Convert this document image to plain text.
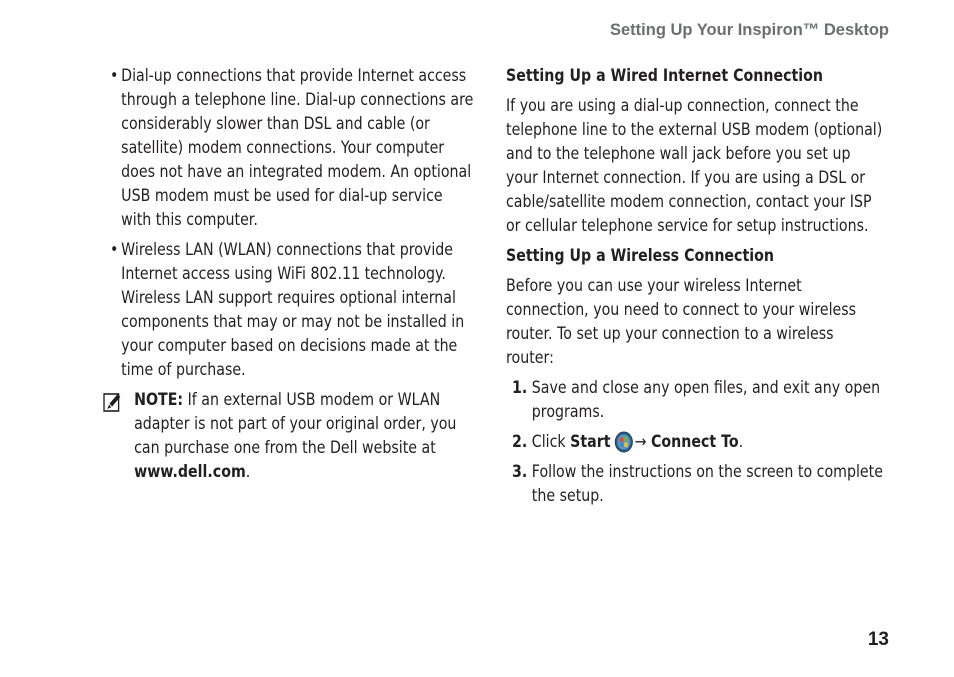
Setting Up Your Inspiron™ Desktop
• Dial-up connections that provide Internet access through a telephone line. Dial-up connections are considerably slower than DSL and cable (or satellite) modem connections. Your computer does not have an integrated modem. An optional USB modem must be used for dial-up service with this computer.
• Wireless LAN (WLAN) connections that provide Internet access using WiFi 802.11 technology. Wireless LAN support requires optional internal components that may or may not be installed in your computer based on decisions made at the time of purchase.
NOTE: If an external USB modem or WLAN adapter is not part of your original order, you can purchase one from the Dell website at www.dell.com.
Setting Up a Wired Internet Connection
If you are using a dial-up connection, connect the telephone line to the external USB modem (optional) and to the telephone wall jack before you set up your Internet connection. If you are using a DSL or cable/satellite modem connection, contact your ISP or cellular telephone service for setup instructions.
Setting Up a Wireless Connection
Before you can use your wireless Internet connection, you need to connect to your wireless router. To set up your connection to a wireless router:
1. Save and close any open files, and exit any open programs.
2. Click Start → Connect To.
3. Follow the instructions on the screen to complete the setup.
13
